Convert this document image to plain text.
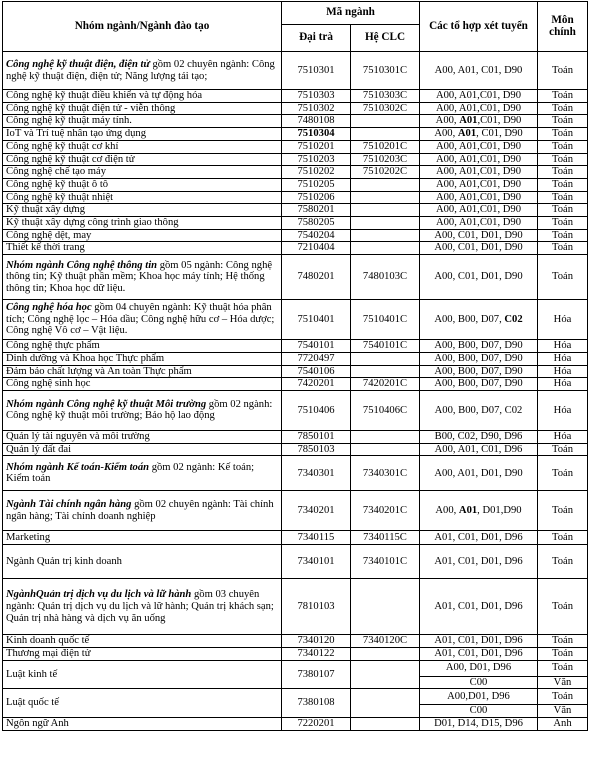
Nhóm ngành/Ngành đào tạo	Mã ngành		Các tổ hợp xét tuyển	Môn chính
	Đại trà	Hệ CLC		
Công nghệ kỹ thuật điện, điện tử gồm 02 chuyên ngành: Công nghệ kỹ thuật điện, điện tử; Năng lượng tái tạo;	7510301	7510301C	A00, A01, C01, D90	Toán
Công nghệ kỹ thuật điều khiển và tự động hóa	7510303	7510303C	A00, A01,C01, D90	Toán
Công nghệ kỹ thuật điện tử - viễn thông	7510302	7510302C	A00, A01,C01, D90	Toán
Công nghệ kỹ thuật máy tính.	7480108		A00, A01,C01, D90	Toán
IoT và Trí tuệ nhân tạo ứng dụng	7510304		A00, A01, C01, D90	Toán
Công nghệ kỹ thuật cơ khí	7510201	7510201C	A00, A01,C01, D90	Toán
Công nghệ kỹ thuật cơ điện tử	7510203	7510203C	A00, A01,C01, D90	Toán
Công nghệ chế tạo máy	7510202	7510202C	A00, A01,C01, D90	Toán
Công nghệ kỹ thuật ô tô	7510205		A00, A01,C01, D90	Toán
Công nghệ kỹ thuật nhiệt	7510206		A00, A01,C01, D90	Toán
Kỹ thuật xây dựng	7580201		A00, A01,C01, D90	Toán
Kỹ thuật xây dựng công trình giao thông	7580205		A00, A01,C01, D90	Toán
Công nghệ dệt, may	7540204		A00, C01, D01, D90	Toán
Thiết kế thời trang	7210404		A00, C01, D01, D90	Toán
Nhóm ngành Công nghệ thông tin gồm 05 ngành: Công nghệ thông tin; Kỹ thuật phần mềm; Khoa học máy tính; Hệ thống thông tin; Khoa học dữ liệu.	7480201	7480103C	A00, C01, D01, D90	Toán
Công nghệ hóa học gồm 04 chuyên ngành: Kỹ thuật hóa phân tích; Công nghệ lọc – Hóa dầu; Công nghệ hữu cơ – Hóa dược; Công nghệ Vô cơ – Vật liệu.	7510401	7510401C	A00, B00, D07, C02	Hóa
Công nghệ thực phẩm	7540101	7540101C	A00, B00, D07, D90	Hóa
Dinh dưỡng và Khoa học Thực phẩm	7720497		A00, B00, D07, D90	Hóa
Đảm bảo chất lượng và An toàn Thực phẩm	7540106		A00, B00, D07, D90	Hóa
Công nghệ sinh học	7420201	7420201C	A00, B00, D07, D90	Hóa
Nhóm ngành Công nghệ kỹ thuật Môi trường gồm 02 ngành: Công nghệ kỹ thuật môi trường; Bảo hộ lao động	7510406	7510406C	A00, B00, D07, C02	Hóa
Quản lý tài nguyên và môi trường	7850101		B00, C02, D90, D96	Hóa
Quản lý đất đai	7850103		A00, A01, C01, D96	Toán
Nhóm ngành Kế toán-Kiểm toán gồm 02 ngành: Kế toán; Kiểm toán	7340301	7340301C	A00, A01, D01, D90	Toán
Ngành Tài chính ngân hàng gồm 02 chuyên ngành: Tài chính ngân hàng; Tài chính doanh nghiệp	7340201	7340201C	A00, A01, D01,D90	Toán
Marketing	7340115	7340115C	A01, C01, D01, D96	Toán
Ngành Quản trị kinh doanh	7340101	7340101C	A01, C01, D01, D96	Toán
NgànhQuản trị dịch vụ du lịch và lữ hành gồm 03 chuyên ngành: Quản trị dịch vụ du lịch và lữ hành; Quản trị khách sạn; Quản trị nhà hàng và dịch vụ ăn uống	7810103		A01, C01, D01, D96	Toán
Kinh doanh quốc tế	7340120	7340120C	A01, C01, D01, D96	Toán
Thương mại điện tử	7340122		A01, C01, D01, D96	Toán
Luật kinh tế	7380107		A00, D01, D96	Toán
			C00	Văn
Luật quốc tế	7380108		A00,D01, D96	Toán
			C00	Văn
Ngôn ngữ Anh	7220201		D01, D14, D15, D96	Anh
